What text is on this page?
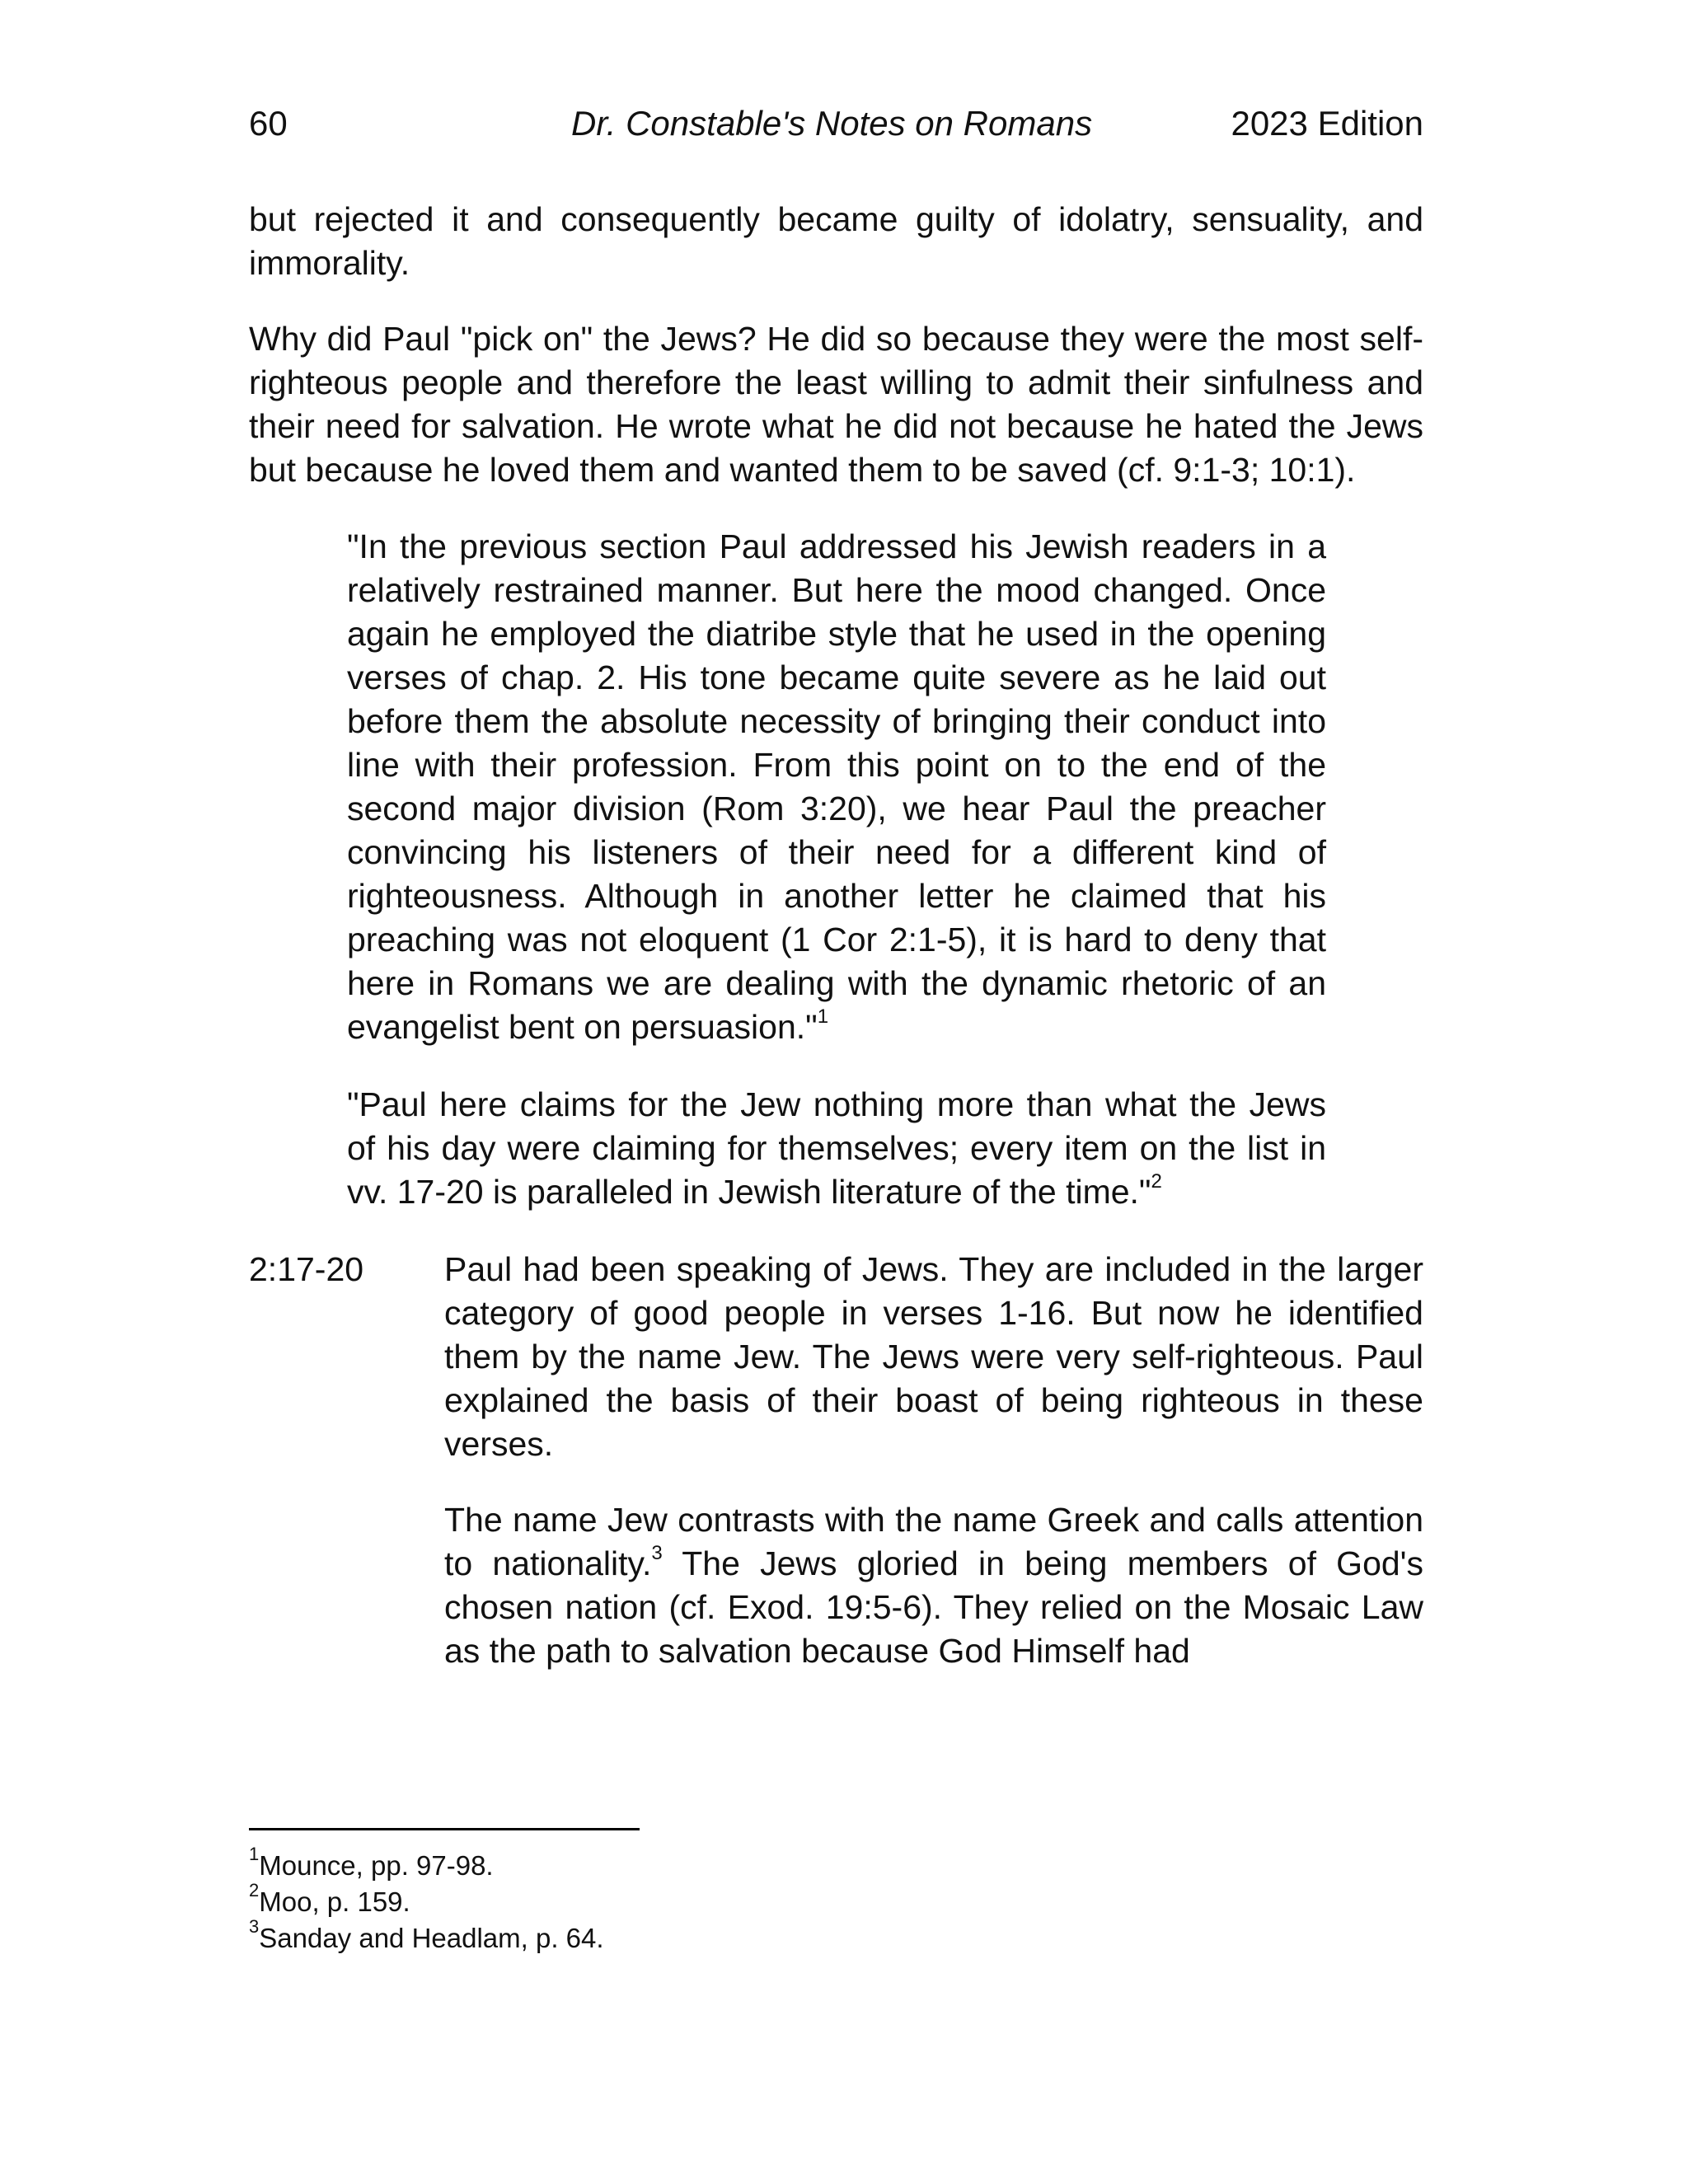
60	Dr. Constable's Notes on Romans	2023 Edition

but rejected it and consequently became guilty of idolatry, sensuality, and immorality.

Why did Paul "pick on" the Jews? He did so because they were the most self-righteous people and therefore the least willing to admit their sinfulness and their need for salvation. He wrote what he did not because he hated the Jews but because he loved them and wanted them to be saved (cf. 9:1-3; 10:1).

"In the previous section Paul addressed his Jewish readers in a relatively restrained manner. But here the mood changed. Once again he employed the diatribe style that he used in the opening verses of chap. 2. His tone became quite severe as he laid out before them the absolute necessity of bringing their conduct into line with their profession. From this point on to the end of the second major division (Rom 3:20), we hear Paul the preacher convincing his listeners of their need for a different kind of righteousness. Although in another letter he claimed that his preaching was not eloquent (1 Cor 2:1-5), it is hard to deny that here in Romans we are dealing with the dynamic rhetoric of an evangelist bent on persuasion."$^1$

"Paul here claims for the Jew nothing more than what the Jews of his day were claiming for themselves; every item on the list in vv. 17-20 is paralleled in Jewish literature of the time."$^2$

2:17-20 Paul had been speaking of Jews. They are included in the larger category of good people in verses 1-16. But now he identified them by the name Jew. The Jews were very self-righteous. Paul explained the basis of their boast of being righteous in these verses.

The name Jew contrasts with the name Greek and calls attention to nationality.$^3$ The Jews gloried in being members of God's chosen nation (cf. Exod. 19:5-6). They relied on the Mosaic Law as the path to salvation because God Himself had

$^1$Mounce, pp. 97-98.
$^2$Moo, p. 159.
$^3$Sanday and Headlam, p. 64.
